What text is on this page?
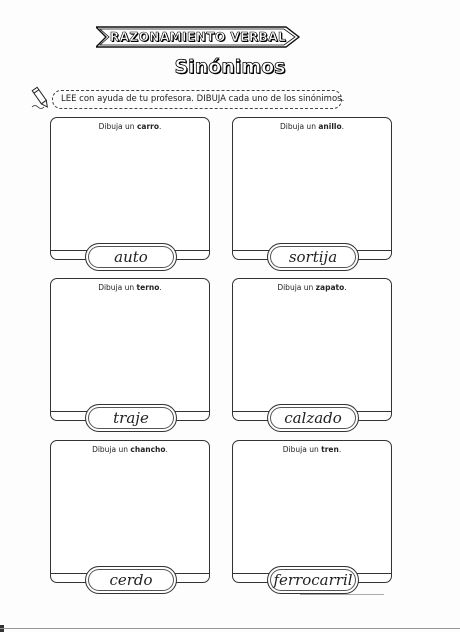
RAZONAMIENTO VERBAL
Sinónimos
LEE con ayuda de tu profesora. DIBUJA cada uno de los sinónimos.
Dibuja un carro.
auto
Dibuja un anillo.
sortija
Dibuja un terno.
traje
Dibuja un zapato.
calzado
Dibuja un chancho.
cerdo
Dibuja un tren.
ferrocarril
